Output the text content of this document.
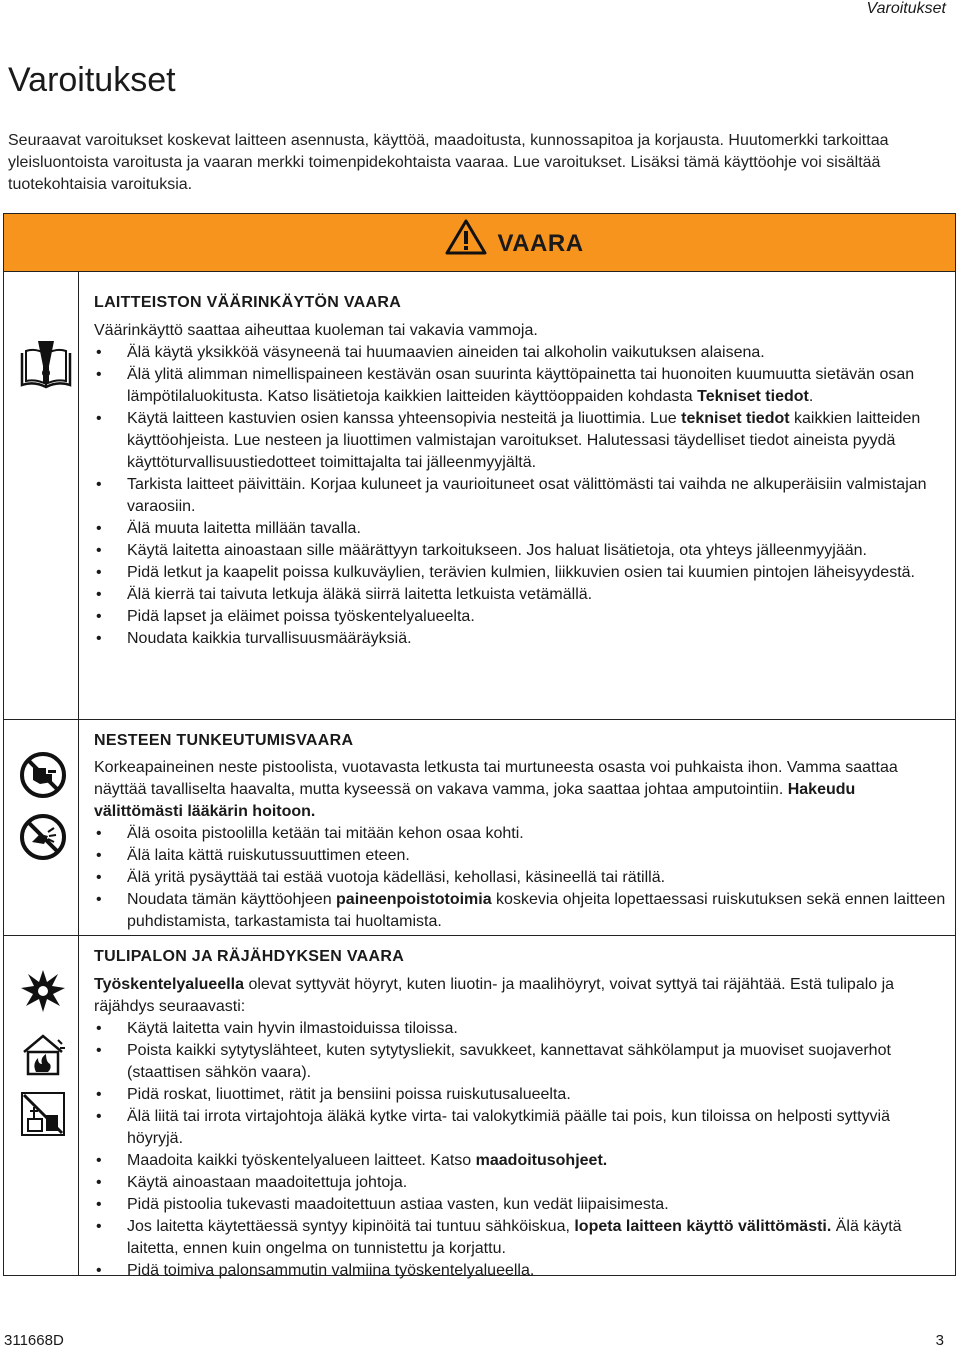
Varoitukset
Varoitukset

Seuraavat varoitukset koskevat laitteen asennusta, käyttöä, maadoitusta, kunnossapitoa ja korjausta. Huutomerkki tarkoittaa yleisluontoista varoitusta ja vaaran merkki toimenpidekohtaista vaaraa. Lue varoitukset. Lisäksi tämä käyttöohje voi sisältää tuotekohtaisia varoituksia.

VAARA
LAITTEISTON VÄÄRINKÄYTÖN VAARA
Väärinkäyttö saattaa aiheuttaa kuoleman tai vakavia vammoja.
• Älä käytä yksikköä väsyneenä tai huumaavien aineiden tai alkoholin vaikutuksen alaisena.
• Älä ylitä alimman nimellispaineen kestävän osan suurinta käyttöpainetta tai huonoiten kuumuutta sietävän osan lämpötilaluokitusta. Katso lisätietoja kaikkien laitteiden käyttöoppaiden kohdasta Tekniset tiedot.
• Käytä laitteen kastuvien osien kanssa yhteensopivia nesteitä ja liuottimia. Lue tekniset tiedot kaikkien laitteiden käyttöohjeista. Lue nesteen ja liuottimen valmistajan varoitukset. Halutessasi täydelliset tiedot aineista pyydä käyttöturvallisuustiedotteet toimittajalta tai jälleenmyyjältä.
• Tarkista laitteet päivittäin. Korjaa kuluneet ja vaurioituneet osat välittömästi tai vaihda ne alkuperäisiin valmistajan varaosiin.
• Älä muuta laitetta millään tavalla.
• Käytä laitetta ainoastaan sille määrättyyn tarkoitukseen. Jos haluat lisätietoja, ota yhteys jälleenmyyjään.
• Pidä letkut ja kaapelit poissa kulkuväylien, terävien kulmien, liikkuvien osien tai kuumien pintojen läheisyydestä.
• Älä kierrä tai taivuta letkuja äläkä siirrä laitetta letkuista vetämällä.
• Pidä lapset ja eläimet poissa työskentelyalueelta.
• Noudata kaikkia turvallisuusmääräyksiä.
NESTEEN TUNKEUTUMISVAARA
Korkeapaineinen neste pistoolista, vuotavasta letkusta tai murtuneesta osasta voi puhkaista ihon. Vamma saattaa näyttää tavalliselta haavalta, mutta kyseessä on vakava vamma, joka saattaa johtaa amputointiin. Hakeudu välittömästi lääkärin hoitoon.
• Älä osoita pistoolilla ketään tai mitään kehon osaa kohti.
• Älä laita kättä ruiskutussuuttimen eteen.
• Älä yritä pysäyttää tai estää vuotoja kädelläsi, kehollasi, käsineellä tai rätillä.
• Noudata tämän käyttöohjeen paineenpoistotoimia koskevia ohjeita lopettaessasi ruiskutuksen sekä ennen laitteen puhdistamista, tarkastamista tai huoltamista.
TULIPALON JA RÄJÄHDYKSEN VAARA
Työskentelyalueella olevat syttyvät höyryt, kuten liuotin- ja maalihöyryt, voivat syttyä tai räjähtää. Estä tulipalo ja räjähdys seuraavasti:
• Käytä laitetta vain hyvin ilmastoiduissa tiloissa.
• Poista kaikki sytytyslähteet, kuten sytytysliekit, savukkeet, kannettavat sähkölamput ja muoviset suojaverhot (staattisen sähkön vaara).
• Pidä roskat, liuottimet, rätit ja bensiini poissa ruiskutusalueelta.
• Älä liitä tai irrota virtajohtoja äläkä kytke virta- tai valokytkimiä päälle tai pois, kun tiloissa on helposti syttyviä höyryjä.
• Maadoita kaikki työskentelyalueen laitteet. Katso maadoitusohjeet.
• Käytä ainoastaan maadoitettuja johtoja.
• Pidä pistoolia tukevasti maadoitettuun astiaa vasten, kun vedät liipaisimesta.
• Jos laitetta käytettäessä syntyy kipinöitä tai tuntuu sähköiskua, lopeta laitteen käyttö välittömästi. Älä käytä laitetta, ennen kuin ongelma on tunnistettu ja korjattu.
• Pidä toimiva palonsammutin valmiina työskentelyalueella.
311668D	3
